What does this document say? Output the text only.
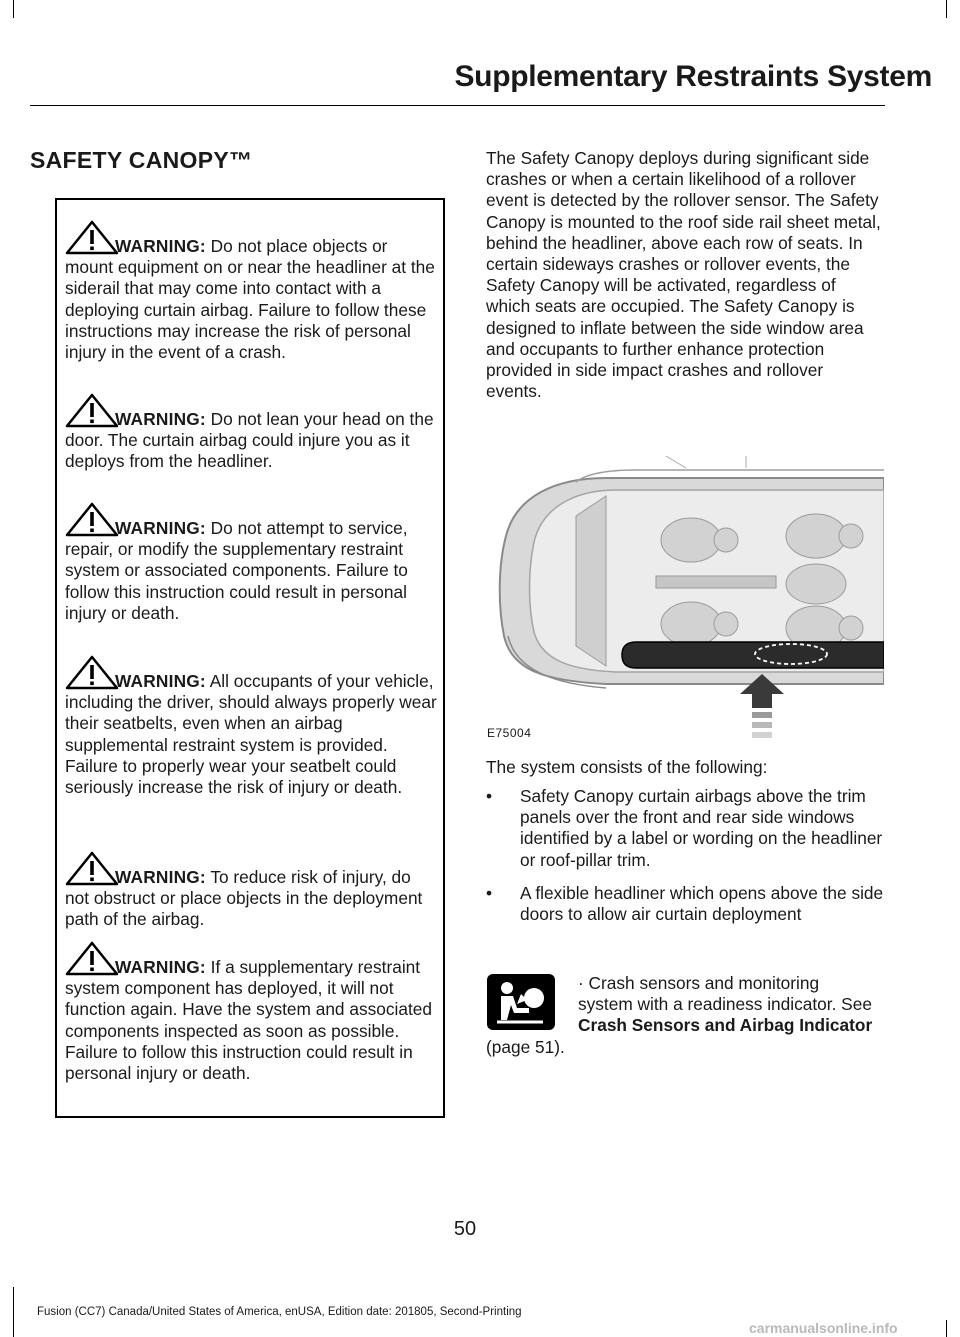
Supplementary Restraints System
SAFETY CANOPY™
WARNING: Do not place objects or mount equipment on or near the headliner at the siderail that may come into contact with a deploying curtain airbag. Failure to follow these instructions may increase the risk of personal injury in the event of a crash.
WARNING: Do not lean your head on the door. The curtain airbag could injure you as it deploys from the headliner.
WARNING: Do not attempt to service, repair, or modify the supplementary restraint system or associated components. Failure to follow this instruction could result in personal injury or death.
WARNING: All occupants of your vehicle, including the driver, should always properly wear their seatbelts, even when an airbag supplemental restraint system is provided. Failure to properly wear your seatbelt could seriously increase the risk of injury or death.
WARNING: To reduce risk of injury, do not obstruct or place objects in the deployment path of the airbag.
WARNING: If a supplementary restraint system component has deployed, it will not function again. Have the system and associated components inspected as soon as possible. Failure to follow this instruction could result in personal injury or death.

The Safety Canopy deploys during significant side crashes or when a certain likelihood of a rollover event is detected by the rollover sensor. The Safety Canopy is mounted to the roof side rail sheet metal, behind the headliner, above each row of seats. In certain sideways crashes or rollover events, the Safety Canopy will be activated, regardless of which seats are occupied. The Safety Canopy is designed to inflate between the side window area and occupants to further enhance protection provided in side impact crashes and rollover events.

E75004

The system consists of the following:

• Safety Canopy curtain airbags above the trim panels over the front and rear side windows identified by a label or wording on the headliner or roof-pillar trim.
• A flexible headliner which opens above the side doors to allow air curtain deployment
· Crash sensors and monitoring system with a readiness indicator. See Crash Sensors and Airbag Indicator (page 51).
50
Fusion (CC7) Canada/United States of America, enUSA, Edition date: 201805, Second-Printing
carmanualsonline.info
